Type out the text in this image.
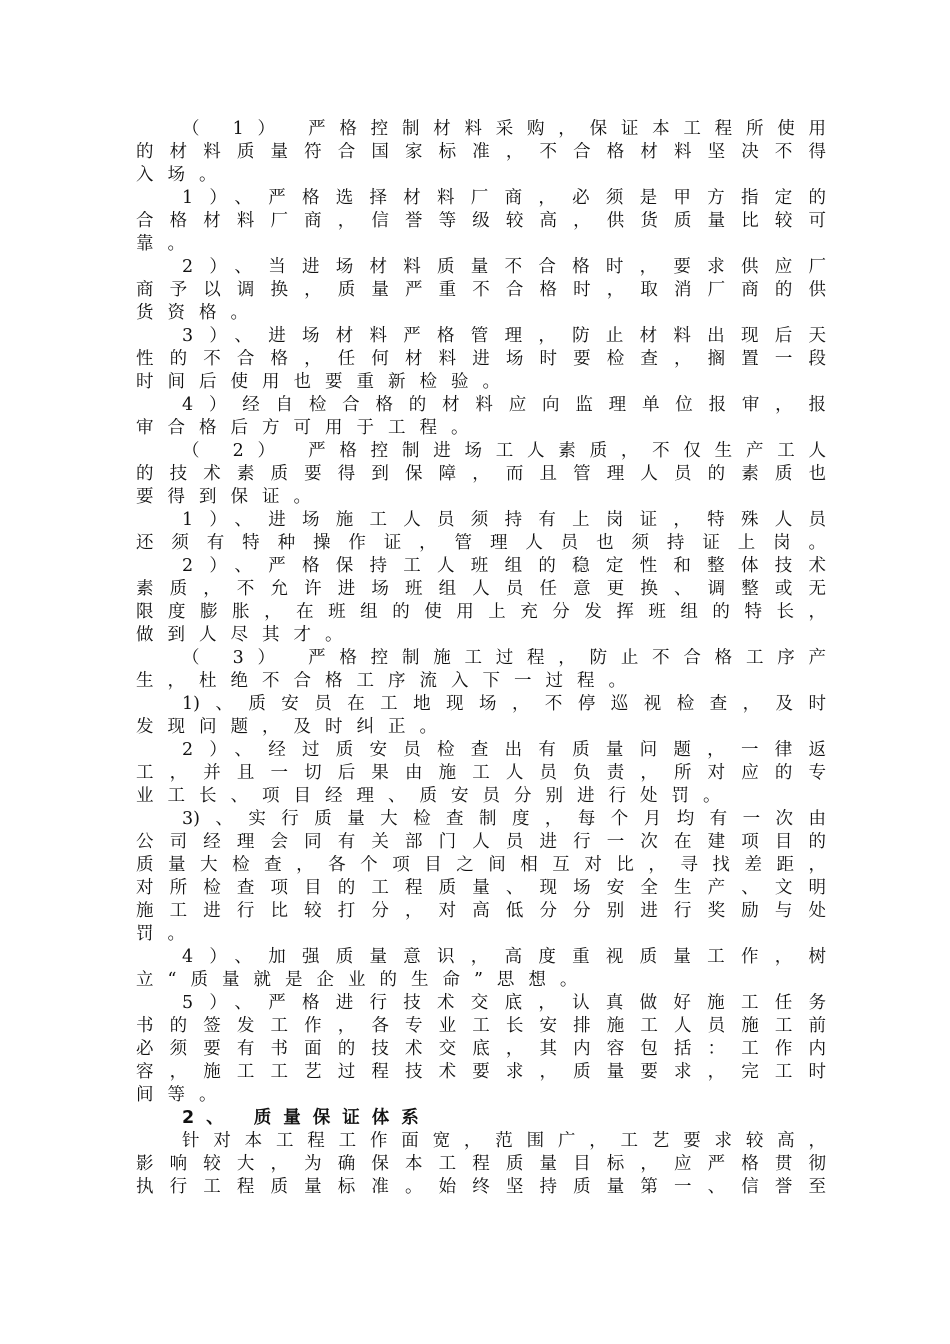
（ 1） 严格控制材料采购，保证本工程所使用
的材料质量符合国家标准，不合格材料坚决不得
入场。
1）、严格选择材料厂商，必须是甲方指定的
合格材料厂商，信誉等级较高，供货质量比较可
靠。
2）、当进场材料质量不合格时，要求供应厂
商予以调换，质量严重不合格时，取消厂商的供
货资格。
3）、进场材料严格管理，防止材料出现后天
性的不合格，任何材料进场时要检查，搁置一段
时间后使用也要重新检验。
4）经自检合格的材料应向监理单位报审，报
审合格后方可用于工程。
（ 2） 严格控制进场工人素质，不仅生产工人
的技术素质要得到保障，而且管理人员的素质也
要得到保证。
1）、进场施工人员须持有上岗证，特殊人员
还须有特种操作证，管理人员也须持证上岗。
2）、严格保持工人班组的稳定性和整体技术
素质，不允许进场班组人员任意更换、调整或无
限度膨胀，在班组的使用上充分发挥班组的特长，
做到人尽其才。
（ 3） 严格控制施工过程，防止不合格工序产
生，杜绝不合格工序流入下一过程。
1)、质安员在工地现场，不停巡视检查，及时
发现问题，及时纠正。
2）、经过质安员检查出有质量问题，一律返
工，并且一切后果由施工人员负责，所对应的专
业工长、项目经理、质安员分别进行处罚。
3)、实行质量大检查制度，每个月均有一次由
公司经理会同有关部门人员进行一次在建项目的
质量大检查，各个项目之间相互对比，寻找差距，
对所检查项目的工程质量、现场安全生产、文明
施工进行比较打分，对高低分分别进行奖励与处
罚。
4）、加强质量意识，高度重视质量工作，树
立“质量就是企业的生命”思想。
5）、严格进行技术交底，认真做好施工任务
书的签发工作，各专业工长安排施工人员施工前
必须要有书面的技术交底，其内容包括：工作内
容，施工工艺过程技术要求，质量要求，完工时
间等。
2、 质量保证体系
针对本工程工作面宽，范围广，工艺要求较高，
影响较大，为确保本工程质量目标，应严格贯彻
执行工程质量标准。始终坚持质量第一、信誉至
